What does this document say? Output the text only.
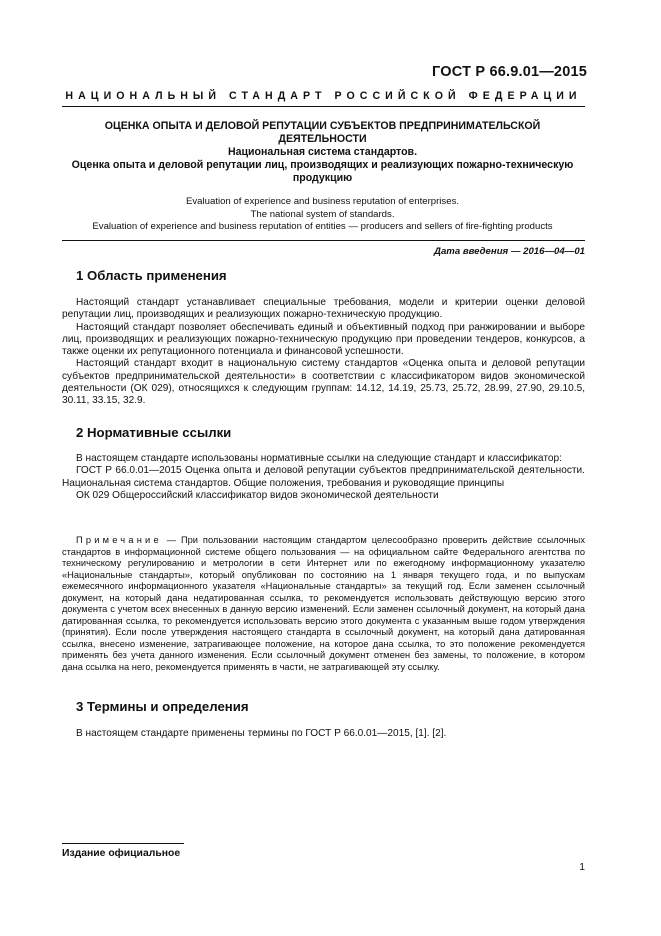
ГОСТ Р 66.9.01—2015
НАЦИОНАЛЬНЫЙ СТАНДАРТ РОССИЙСКОЙ ФЕДЕРАЦИИ
ОЦЕНКА ОПЫТА И ДЕЛОВОЙ РЕПУТАЦИИ СУБЪЕКТОВ ПРЕДПРИНИМАТЕЛЬСКОЙ
ДЕЯТЕЛЬНОСТИ
Национальная система стандартов.
Оценка опыта и деловой репутации лиц, производящих и реализующих пожарно-техническую
продукцию
Evaluation of experience and business reputation of enterprises.
The national system of standards.
Evaluation of experience and business reputation of entities — producers and sellers of fire-fighting products
Дата введения — 2016—04—01
1 Область применения

Настоящий стандарт устанавливает специальные требования, модели и критерии оценки деловой репутации лиц, производящих и реализующих пожарно-техническую продукцию.

Настоящий стандарт позволяет обеспечивать единый и объективный подход при ранжировании и выборе лиц, производящих и реализующих пожарно-техническую продукцию при проведении тендеров, конкурсов, а также оценки их репутационного потенциала и финансовой успешности.

Настоящий стандарт входит в национальную систему стандартов «Оценка опыта и деловой репутации субъектов предпринимательской деятельности» в соответствии с классификатором видов экономической деятельности (ОК 029), относящихся к следующим группам: 14.12, 14.19, 25.73, 25.72, 28.99, 27.90, 29.10.5, 30.11, 33.15, 32.9.

2 Нормативные ссылки

В настоящем стандарте использованы нормативные ссылки на следующие стандарт и классификатор:

ГОСТ Р 66.0.01—2015 Оценка опыта и деловой репутации субъектов предпринимательской деятельности. Национальная система стандартов. Общие положения, требования и руководящие принципы

ОК 029 Общероссийский классификатор видов экономической деятельности

Примечание — При пользовании настоящим стандартом целесообразно проверить действие ссылочных стандартов в информационной системе общего пользования — на официальном сайте Федерального агентства по техническому регулированию и метрологии в сети Интернет или по ежегодному информационному указателю «Национальные стандарты», который опубликован по состоянию на 1 января текущего года, и по выпускам ежемесячного информационного указателя «Национальные стандарты» за текущий год. Если заменен ссылочный документ, на который дана недатированная ссылка, то рекомендуется использовать действующую версию этого документа с учетом всех внесенных в данную версию изменений. Если заменен ссылочный документ, на который дана датированная ссылка, то рекомендуется использовать версию этого документа с указанным выше годом утверждения (принятия). Если после утверждения настоящего стандарта в ссылочный документ, на который дана датированная ссылка, внесено изменение, затрагивающее положение, на которое дана ссылка, то это положение рекомендуется применять без учета данного изменения. Если ссылочный документ отменен без замены, то положение, в котором дана ссылка на него, рекомендуется применять в части, не затрагивающей эту ссылку.

3 Термины и определения

В настоящем стандарте применены термины по ГОСТ Р 66.0.01—2015, [1]. [2].

Издание официальное
1
